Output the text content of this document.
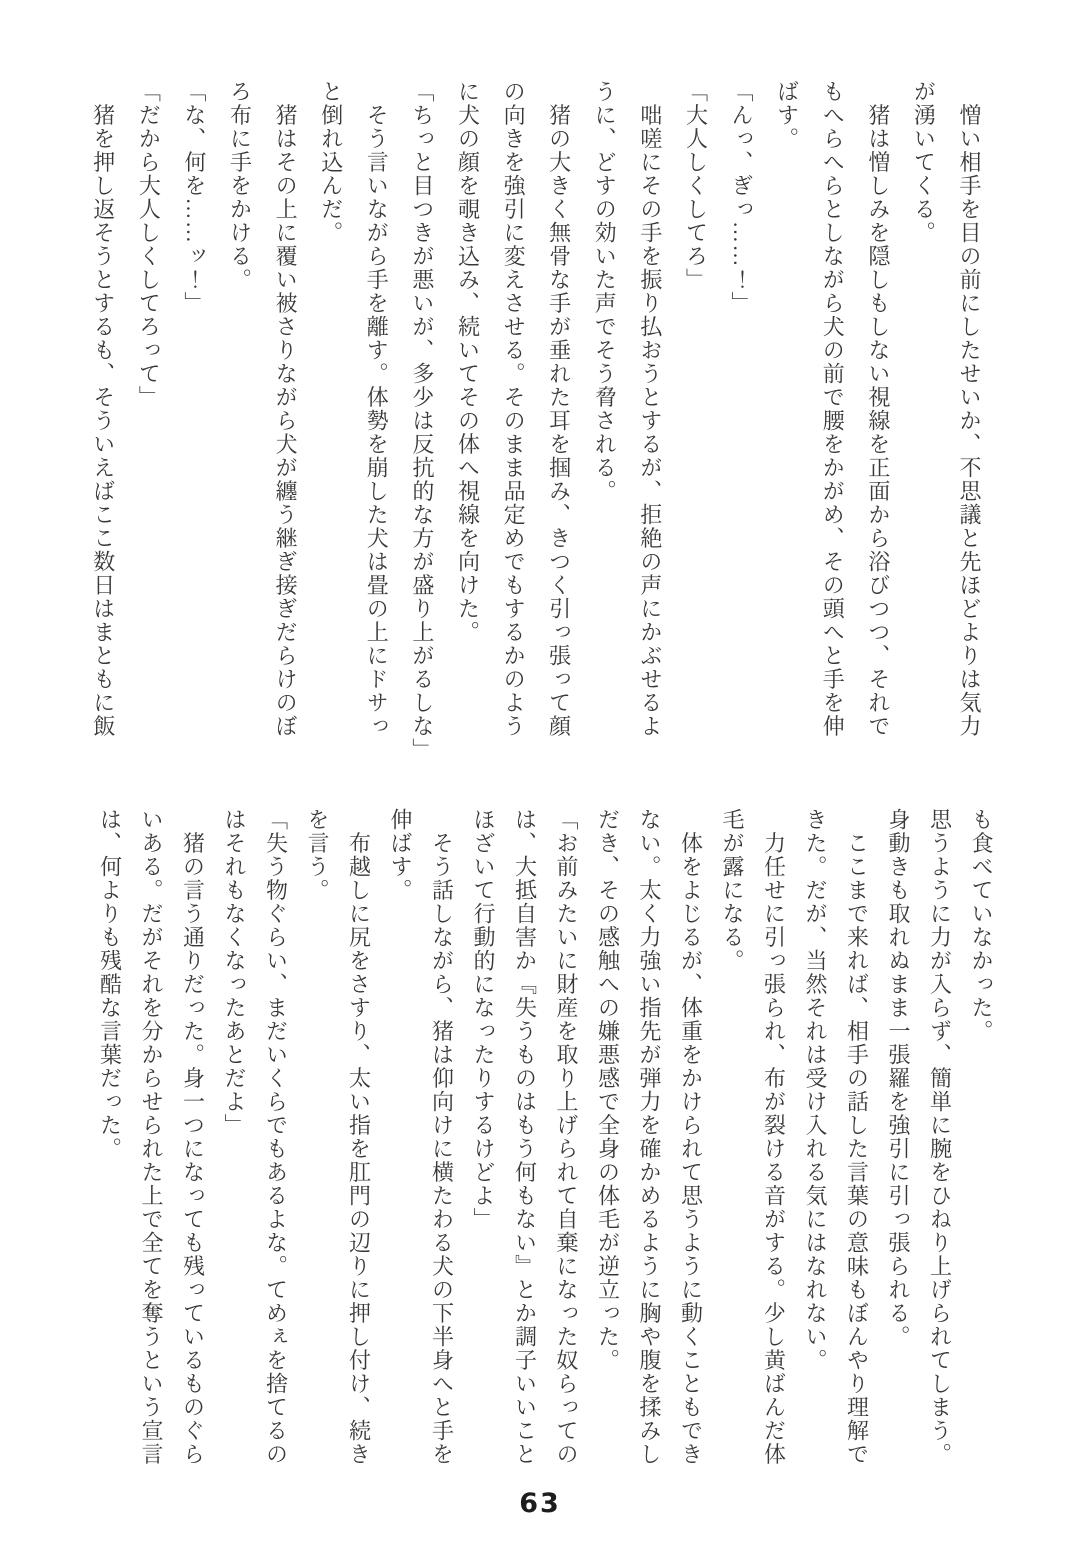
　憎い相手を目の前にしたせいか、不思議と先ほどよりは気力

が湧いてくる。

　猪は憎しみを隠しもしない視線を正面から浴びつつ、それで

もへらへらとしながら犬の前で腰をかがめ、その頭へと手を伸

ばす。

「んっ、ぎっ……！」

「大人しくしてろ」

　咄嗟にその手を振り払おうとするが、拒絶の声にかぶせるよ

うに、どすの効いた声でそう脅される。

　猪の大きく無骨な手が垂れた耳を掴み、きつく引っ張って顔

の向きを強引に変えさせる。そのまま品定めでもするかのよう

に犬の顔を覗き込み、続いてその体へ視線を向けた。

「ちっと目つきが悪いが、多少は反抗的な方が盛り上がるしな」

　そう言いながら手を離す。体勢を崩した犬は畳の上にドサっ

と倒れ込んだ。

　猪はその上に覆い被さりながら犬が纏う継ぎ接ぎだらけのぼ

ろ布に手をかける。

「な、何を……ッ！」

「だから大人しくしてろって」

　猪を押し返そうとするも、そういえばここ数日はまともに飯

も食べていなかった。

思うように力が入らず、簡単に腕をひねり上げられてしまう。

身動きも取れぬまま一張羅を強引に引っ張られる。

　ここまで来れば、相手の話した言葉の意味もぼんやり理解で

きた。だが、当然それは受け入れる気にはなれない。

　力任せに引っ張られ、布が裂ける音がする。少し黄ばんだ体

毛が露になる。

　体をよじるが、体重をかけられて思うように動くこともでき

ない。太く力強い指先が弾力を確かめるように胸や腹を揉みし

だき、その感触への嫌悪感で全身の体毛が逆立った。

「お前みたいに財産を取り上げられて自棄になった奴らっての

は、大抵自害か『失うものはもう何もない』とか調子いいこと

ほざいて行動的になったりするけどよ」

　そう話しながら、猪は仰向けに横たわる犬の下半身へと手を

伸ばす。

　布越しに尻をさすり、太い指を肛門の辺りに押し付け、続き

を言う。

「失う物ぐらい、まだいくらでもあるよな。てめぇを捨てるの

はそれもなくなったあとだよ」

　猪の言う通りだった。身一つになっても残っているものぐら

いある。だがそれを分からせられた上で全てを奪うという宣言

は、何よりも残酷な言葉だった。

63
